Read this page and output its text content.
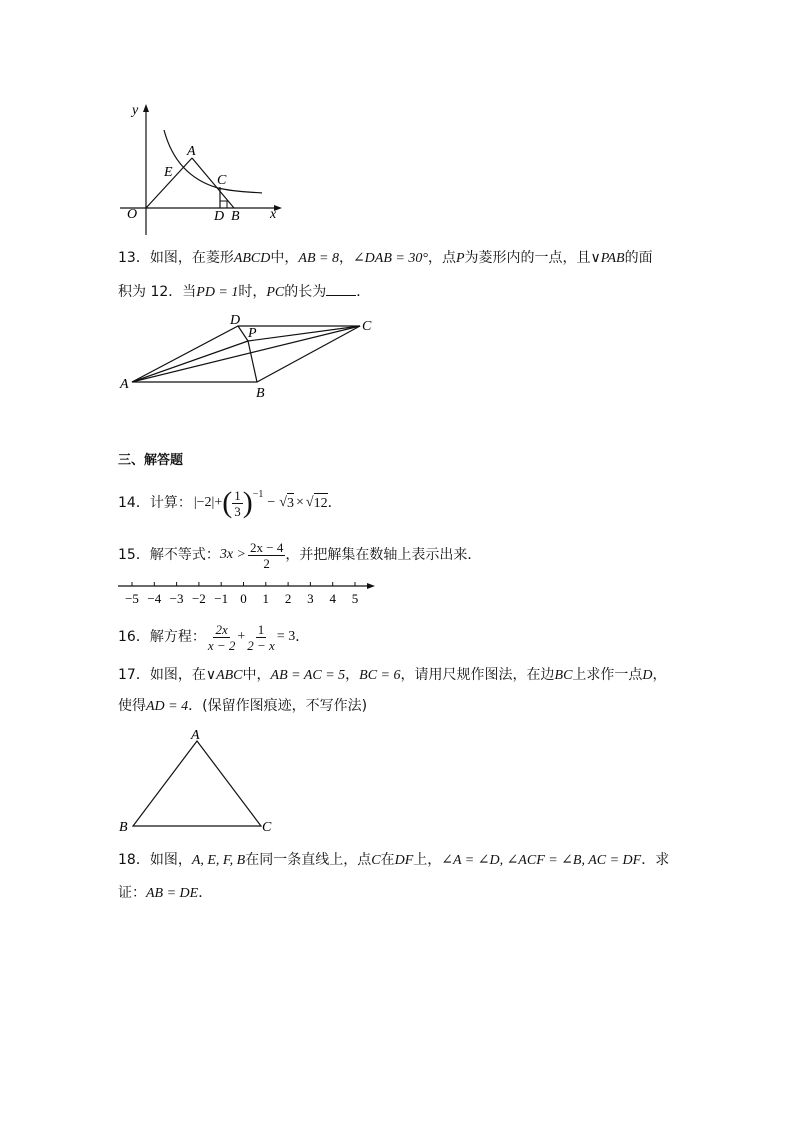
y
x
O
A
E
C
D B
13．如图，在菱形ABCD中，AB = 8，∠DAB = 30°，点P为菱形内的一点，且∨PAB的面
积为 12．当PD = 1时，PC的长为 ．
A
B
C
D
P
三、解答题
14．计算： |−2| + ( $\frac{1}{3}$ ) −1
− √ 3 × √ 12 ．
15．解不等式： $3x > \frac{2x - 4}{2}$ ，并把解集在数轴上表示出来．
−5 −4 −3 −2 −1 0 1 2 3 4 5
16．解方程： $\frac{2x}{x - 2} + \frac{1}{2 - x} = 3$ ．
17．如图，在∨ABC中，AB = AC = 5，BC = 6，请用尺规作图法，在边BC上求作一点D，
使得AD = 4．(保留作图痕迹，不写作法)
A
B	C
18．如图，A, E, F, B在同一条直线上，点C在DF上，∠A = ∠D, ∠ACF = ∠B, AC = DF．求
证：AB = DE．
